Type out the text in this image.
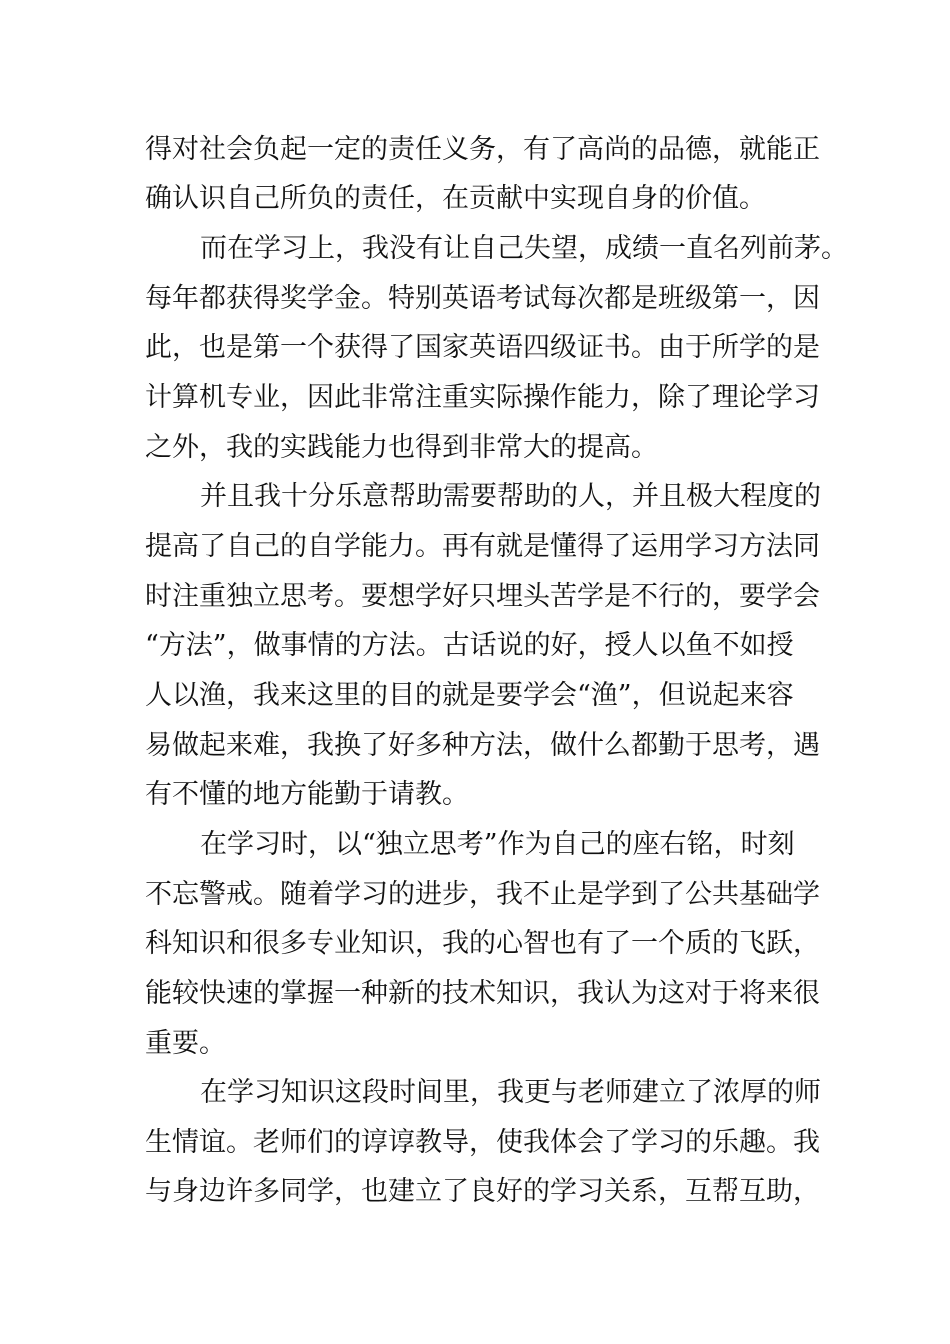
得对社会负起一定的责任义务，有了高尚的品德，就能正
确认识自己所负的责任，在贡献中实现自身的价值。
而在学习上，我没有让自己失望，成绩一直名列前茅。
每年都获得奖学金。特别英语考试每次都是班级第一，因
此，也是第一个获得了国家英语四级证书。由于所学的是
计算机专业，因此非常注重实际操作能力，除了理论学习
之外，我的实践能力也得到非常大的提高。
并且我十分乐意帮助需要帮助的人，并且极大程度的
提高了自己的自学能力。再有就是懂得了运用学习方法同
时注重独立思考。要想学好只埋头苦学是不行的，要学会
“方法”，做事情的方法。古话说的好，授人以鱼不如授
人以渔，我来这里的目的就是要学会“渔”，但说起来容
易做起来难，我换了好多种方法，做什么都勤于思考，遇
有不懂的地方能勤于请教。
在学习时，以“独立思考”作为自己的座右铭，时刻
不忘警戒。随着学习的进步，我不止是学到了公共基础学
科知识和很多专业知识，我的心智也有了一个质的飞跃，
能较快速的掌握一种新的技术知识，我认为这对于将来很
重要。
在学习知识这段时间里，我更与老师建立了浓厚的师
生情谊。老师们的谆谆教导，使我体会了学习的乐趣。我
与身边许多同学，也建立了良好的学习关系，互帮互助，
